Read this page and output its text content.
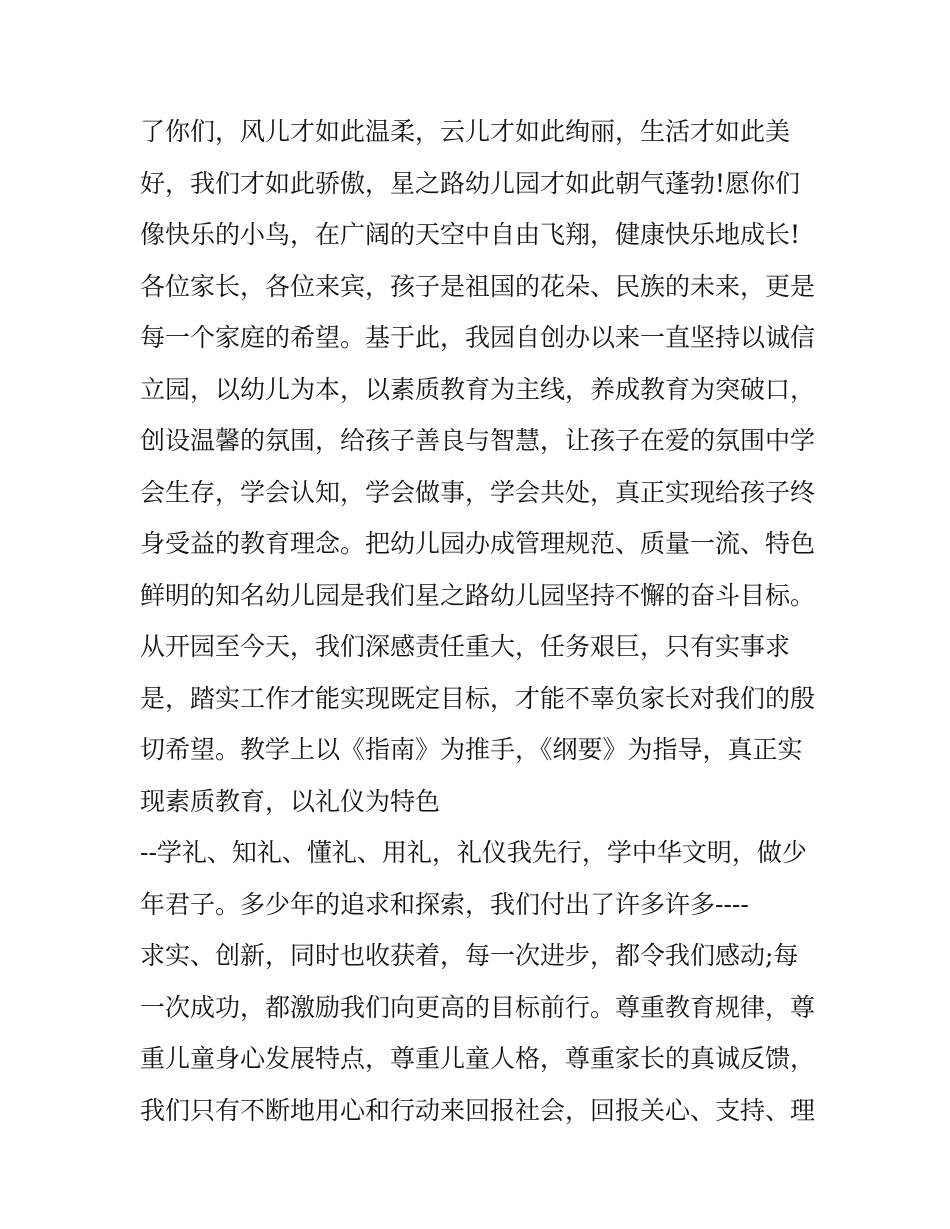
了你们，风儿才如此温柔，云儿才如此绚丽，生活才如此美
好，我们才如此骄傲，星之路幼儿园才如此朝气蓬勃!愿你们
像快乐的小鸟，在广阔的天空中自由飞翔，健康快乐地成长!
各位家长，各位来宾，孩子是祖国的花朵、民族的未来，更是
每一个家庭的希望。基于此，我园自创办以来一直坚持以诚信
立园，以幼儿为本，以素质教育为主线，养成教育为突破口，
创设温馨的氛围，给孩子善良与智慧，让孩子在爱的氛围中学
会生存，学会认知，学会做事，学会共处，真正实现给孩子终
身受益的教育理念。把幼儿园办成管理规范、质量一流、特色
鲜明的知名幼儿园是我们星之路幼儿园坚持不懈的奋斗目标。
从开园至今天，我们深感责任重大，任务艰巨，只有实事求
是，踏实工作才能实现既定目标，才能不辜负家长对我们的殷
切希望。教学上以《指南》为推手，《纲要》为指导，真正实
现素质教育，以礼仪为特色
--学礼、知礼、懂礼、用礼，礼仪我先行，学中华文明，做少
年君子。多少年的追求和探索，我们付出了许多许多----
求实、创新，同时也收获着，每一次进步，都令我们感动;每
一次成功，都激励我们向更高的目标前行。尊重教育规律，尊
重儿童身心发展特点，尊重儿童人格，尊重家长的真诚反馈，
我们只有不断地用心和行动来回报社会，回报关心、支持、理
